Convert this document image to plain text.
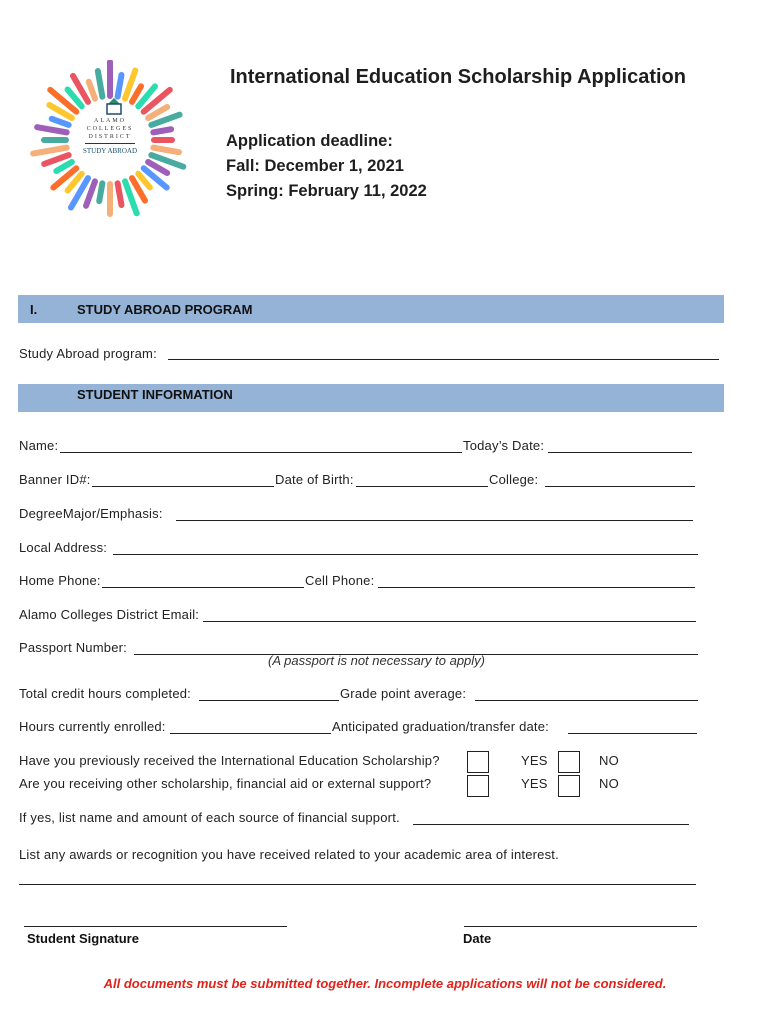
ALAMO
COLLEGES
DISTRICT
STUDY ABROAD
International Education Scholarship Application
Application deadline:
Fall: December 1, 2021
Spring: February 11, 2022
I.	STUDY ABROAD PROGRAM
Study Abroad program:
STUDENT INFORMATION
Name:	Today’s Date:
Banner ID#:	Date of Birth:	College:
DegreeMajor/Emphasis:
Local Address:
Home Phone:	Cell Phone:
Alamo Colleges District Email:
Passport Number:
(A passport is not necessary to apply)
Total credit hours completed:	Grade point average:
Hours currently enrolled:	Anticipated graduation/transfer date:
Have you previously received the International Education Scholarship?	YES	NO
Are you receiving other scholarship, financial aid or external support?	YES	NO
If yes, list name and amount of each source of financial support.
List any awards or recognition you have received related to your academic area of interest.
Student Signature	Date
All documents must be submitted together. Incomplete applications will not be considered.
